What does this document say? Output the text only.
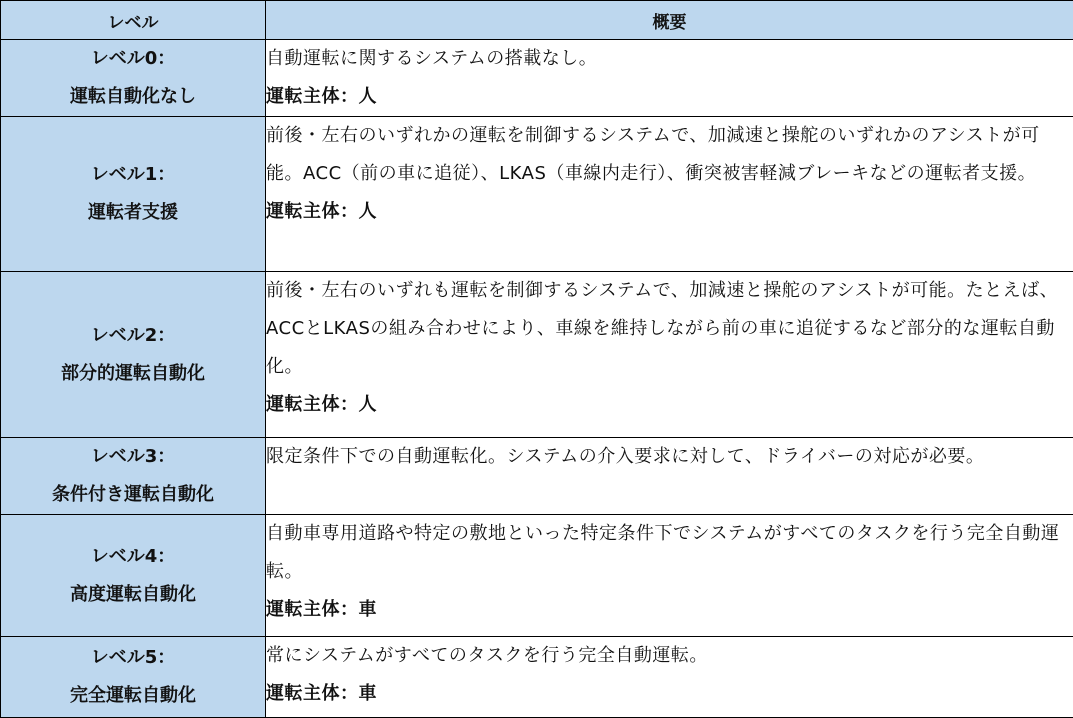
レベル	概要

レベル0：
運転自動化なし	自動運転に関するシステムの搭載なし。
運転主体：人

レベル1：
運転者支援	前後・左右のいずれかの運転を制御するシステムで、加減速と操舵のいずれかのアシストが可能。ACC（前の車に追従）、LKAS（車線内走行）、衝突被害軽減ブレーキなどの運転者支援。
運転主体：人

レベル2：
部分的運転自動化	前後・左右のいずれも運転を制御するシステムで、加減速と操舵のアシストが可能。たとえば、ACCとLKASの組み合わせにより、車線を維持しながら前の車に追従するなど部分的な運転自動化。
運転主体：人

レベル3：
条件付き運転自動化	限定条件下での自動運転化。システムの介入要求に対して、ドライバーの対応が必要。

レベル4：
高度運転自動化	自動車専用道路や特定の敷地といった特定条件下でシステムがすべてのタスクを行う完全自動運転。
運転主体：車

レベル5：
完全運転自動化	常にシステムがすべてのタスクを行う完全自動運転。
運転主体：車
